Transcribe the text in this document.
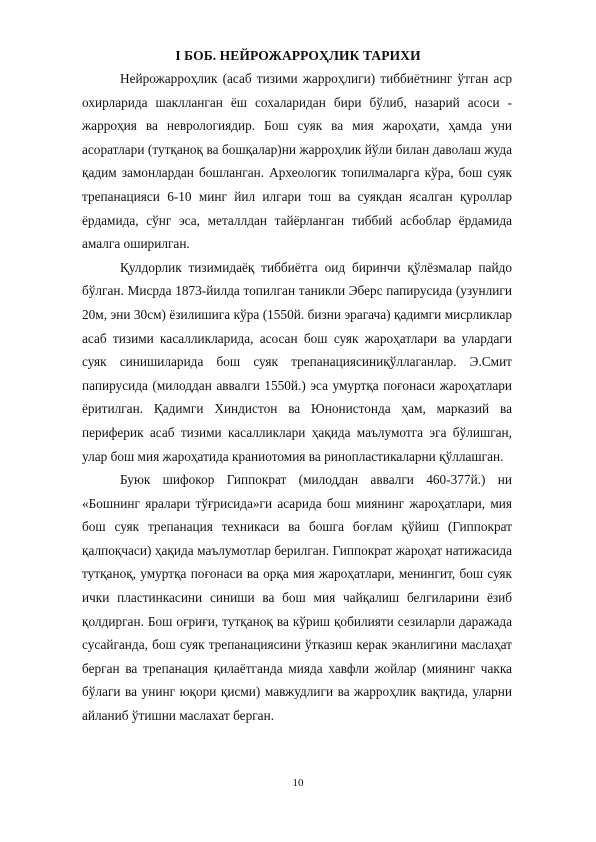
I БОБ. НЕЙРОЖАРРОҲЛИК ТАРИХИ

Нейрожарроҳлик (асаб тизими жарроҳлиги) тиббиётнинг ўтган аср охирларида шаклланган ёш сохаларидан бири бўлиб, назарий асоси - жарроҳия ва неврологиядир. Бош суяк ва мия жароҳати, ҳамда уни асоратлари (тутқаноқ ва бошқалар)ни жарроҳлик йўли билан даволаш жуда қадим замонлардан бошланган. Археологик топилмаларга кўра, бош суяк трепанацияси 6-10 минг йил илгари тош ва суякдан ясалган қуроллар ёрдамида, сўнг эса, металлдан тайёрланган тиббий асбоблар ёрдамида амалга оширилган.

Қулдорлик тизимидаёқ тиббиётга оид биринчи қўлёзмалар пайдо бўлган. Мисрда 1873-йилда топилган таникли Эберс папирусида (узунлиги 20м, эни 30см) ёзилишига кўра (1550й. бизни эрагача) қадимги мисрликлар асаб тизими касалликларида, асосан бош суяк жароҳатлари ва улардаги суяк синишиларида бош суяк трепанациясиниқўллаганлар. Э.Смит папирусида (милоддан аввалги 1550й.) эса умуртқа поғонаси жароҳатлари ёритилган. Қадимги Хиндистон ва Юнонистонда ҳам, марказий ва периферик асаб тизими касалликлари ҳақида маълумотга эга бўлишган, улар бош мия жароҳатида краниотомия ва ринопластикаларни қўллашган.

Буюк шифокор Гиппократ (милоддан аввалги 460-377й.) ни «Бошнинг яралари тўғрисида»ги асарида бош миянинг жароҳатлари, мия бош суяк трепанация техникаси ва бошга боғлам қўйиш (Гиппократ қалпоқчаси) ҳақида маълумотлар берилган. Гиппократ жароҳат натижасида тутқаноқ, умуртқа поғонаси ва орқа мия жароҳатлари, менингит, бош суяк ички пластинкасини синиши ва бош мия чайқалиш белгиларини ёзиб қолдирган. Бош оғриғи, тутқаноқ ва кўриш қобилияти сезиларли даражада сусайганда, бош суяк трепанациясини ўтказиш керак эканлигини маслаҳат берган ва трепанация қилаётганда мияда хавфли жойлар (миянинг чакка бўлаги ва унинг юқори қисми) мавжудлиги ва жарроҳлик вақтида, уларни айланиб ўтишни маслахат берган.

10
